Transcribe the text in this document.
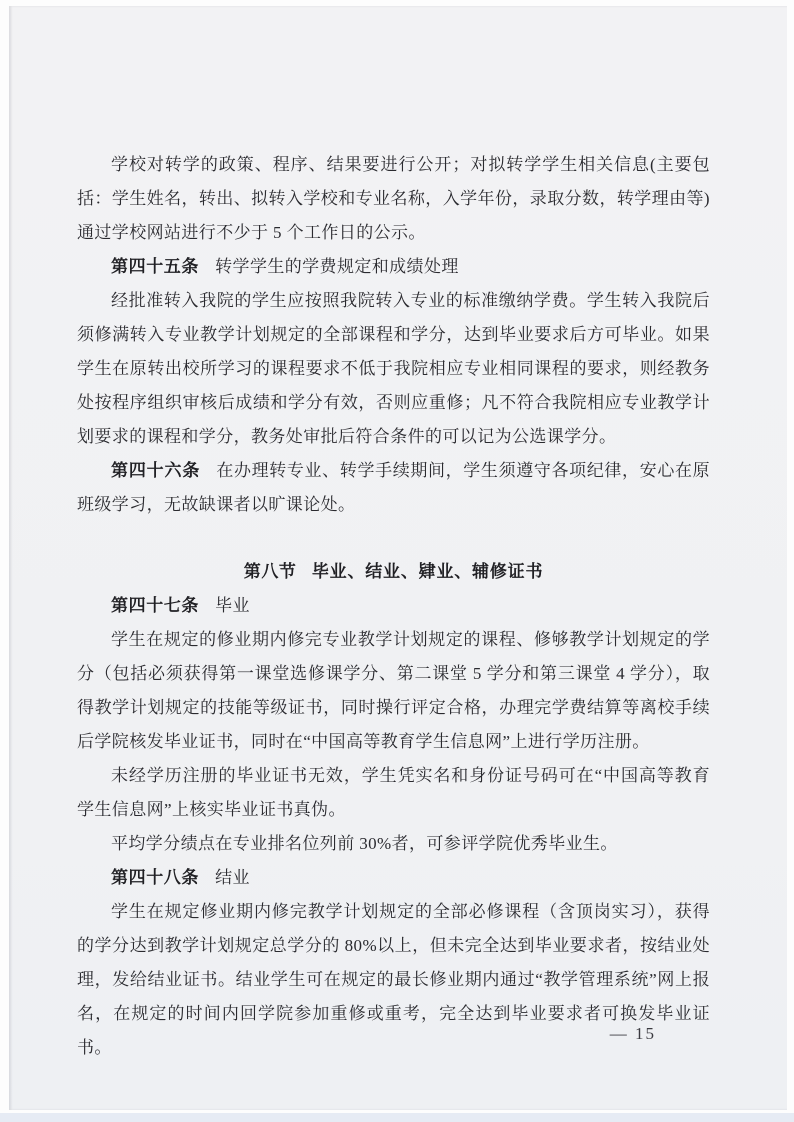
学校对转学的政策、程序、结果要进行公开；对拟转学学生相关信息(主要包括：学生姓名，转出、拟转入学校和专业名称，入学年份，录取分数，转学理由等)通过学校网站进行不少于 5 个工作日的公示。

第四十五条 转学学生的学费规定和成绩处理

经批准转入我院的学生应按照我院转入专业的标准缴纳学费。学生转入我院后须修满转入专业教学计划规定的全部课程和学分，达到毕业要求后方可毕业。如果学生在原转出校所学习的课程要求不低于我院相应专业相同课程的要求，则经教务处按程序组织审核后成绩和学分有效，否则应重修；凡不符合我院相应专业教学计划要求的课程和学分，教务处审批后符合条件的可以记为公选课学分。

第四十六条 在办理转专业、转学手续期间，学生须遵守各项纪律，安心在原班级学习，无故缺课者以旷课论处。

第八节 毕业、结业、肄业、辅修证书

第四十七条 毕业

学生在规定的修业期内修完专业教学计划规定的课程、修够教学计划规定的学分（包括必须获得第一课堂选修课学分、第二课堂 5 学分和第三课堂 4 学分），取得教学计划规定的技能等级证书，同时操行评定合格，办理完学费结算等离校手续后学院核发毕业证书，同时在“中国高等教育学生信息网”上进行学历注册。

未经学历注册的毕业证书无效，学生凭实名和身份证号码可在“中国高等教育学生信息网”上核实毕业证书真伪。

平均学分绩点在专业排名位列前 30%者，可参评学院优秀毕业生。

第四十八条 结业

学生在规定修业期内修完教学计划规定的全部必修课程（含顶岗实习），获得的学分达到教学计划规定总学分的 80%以上，但未完全达到毕业要求者，按结业处理，发给结业证书。结业学生可在规定的最长修业期内通过“教学管理系统”网上报名，在规定的时间内回学院参加重修或重考，完全达到毕业要求者可换发毕业证书。

— 15
